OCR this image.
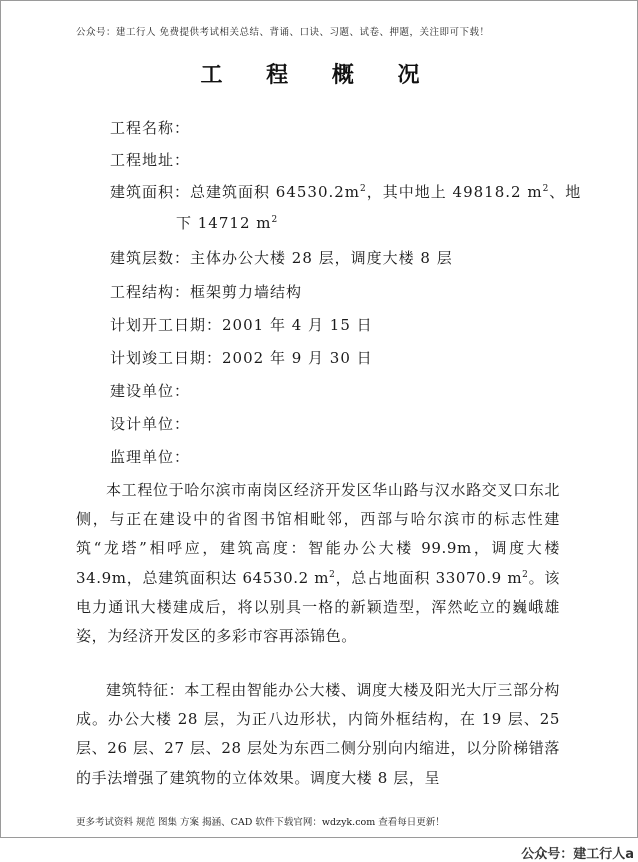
公众号：建工行人 免费提供考试相关总结、背诵、口诀、习题、试卷、押题，关注即可下载！
工 程 概 况
工程名称：
工程地址：
建筑面积：总建筑面积 $64530.2m^2$，其中地上 49818.2 $m^2$、地
下 14712 $m^2$
建筑层数：主体办公大楼 28 层，调度大楼 8 层
工程结构：框架剪力墙结构
计划开工日期：2001 年 4 月 15 日
计划竣工日期：2002 年 9 月 30 日
建设单位：
设计单位：
监理单位：
本工程位于哈尔滨市南岗区经济开发区华山路与汉水路交叉口东北侧，与正在建设中的省图书馆相毗邻，西部与哈尔滨市的标志性建筑“龙塔”相呼应，建筑高度：智能办公大楼 99.9m，调度大楼 34.9m，总建筑面积达 64530.2 $m^2$，总占地面积 33070.9 $m^2$。该电力通讯大楼建成后，将以别具一格的新颖造型，浑然屹立的巍峨雄姿，为经济开发区的多彩市容再添锦色。
建筑特征：本工程由智能办公大楼、调度大楼及阳光大厅三部分构成。办公大楼 28 层，为正八边形状，内筒外框结构，在 19 层、25 层、26 层、27 层、28 层处为东西二侧分别向内缩进，以分阶梯错落的手法增强了建筑物的立体效果。调度大楼 8 层，呈
更多考试资料 规范 图集 方案 揭涵、CAD 软件下载官网：wdzyk.com 查看每日更新！
公众号：建工行人a
